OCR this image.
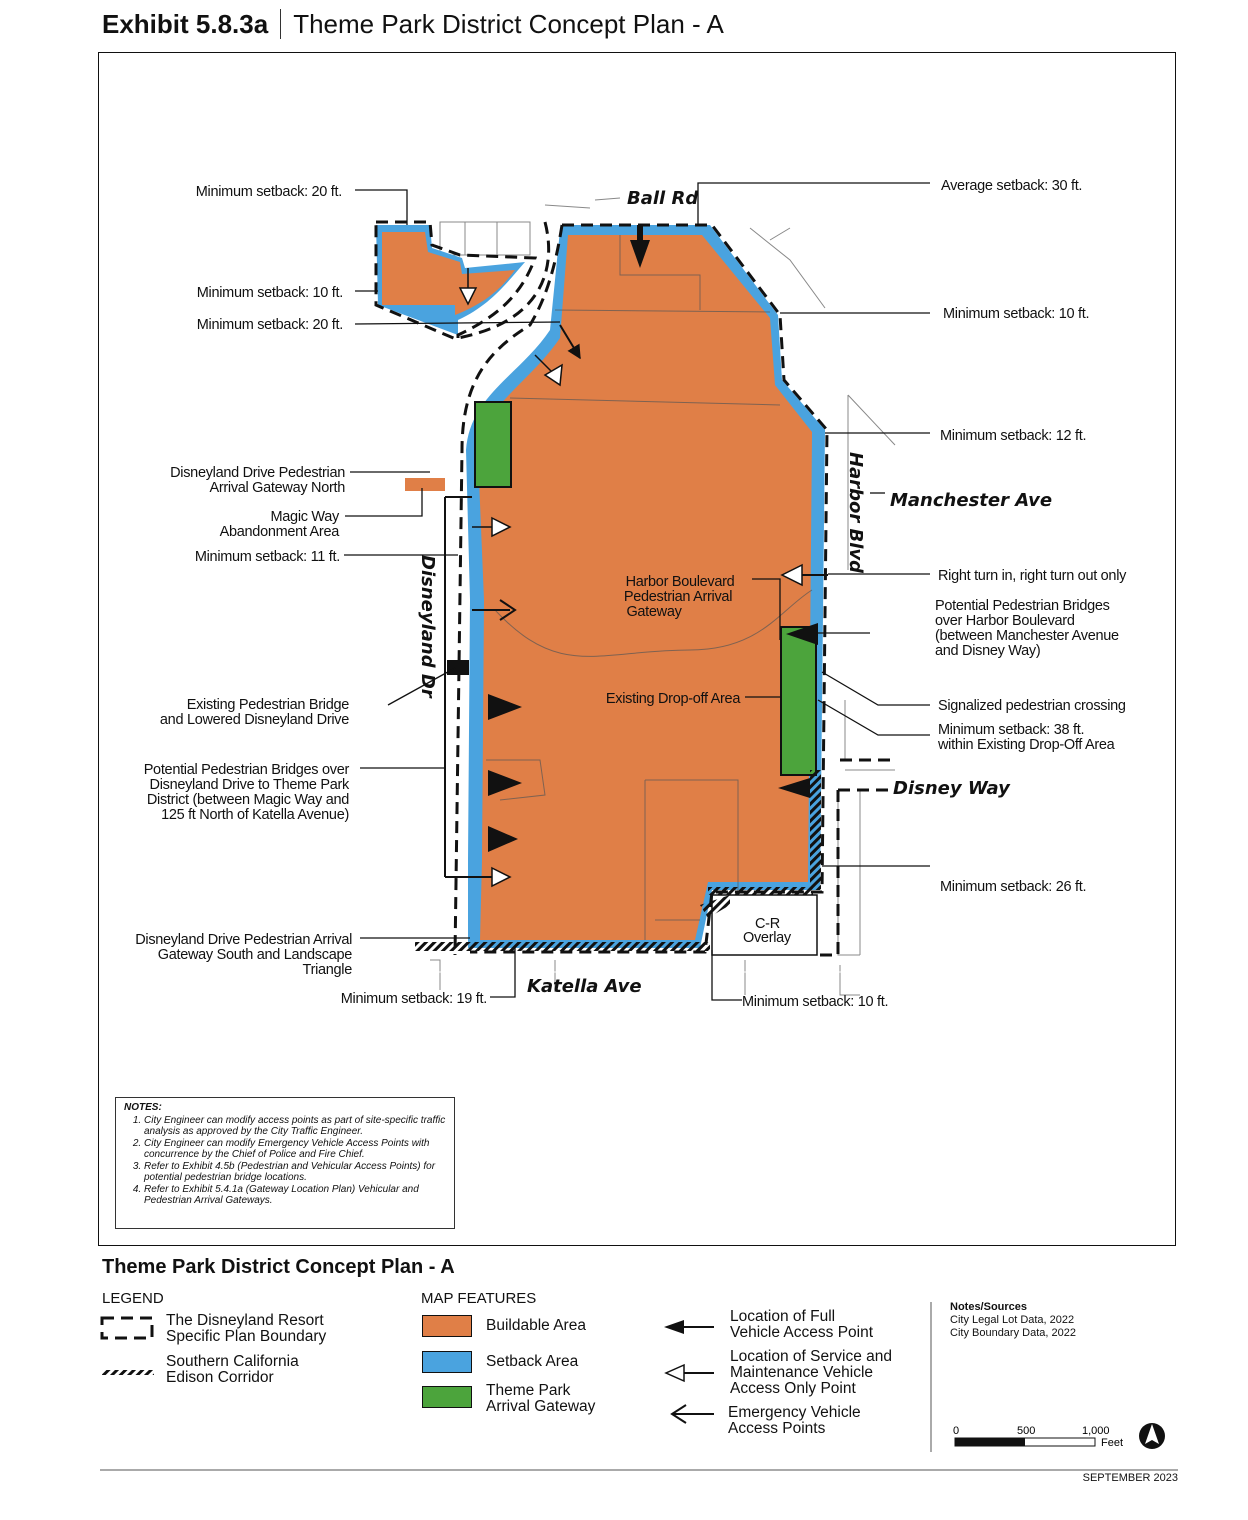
Exhibit 5.8.3a Theme Park District Concept Plan - A
C-R
Overlay
Ball Rd
Manchester Ave
Harbor Blvd
Disneyland Dr
Disney Way
Katella Ave
Minimum setback: 20 ft.
Minimum setback: 10 ft.
Minimum setback: 20 ft.
Disneyland Drive Pedestrian
Arrival Gateway North
Magic Way
Abandonment Area
Minimum setback: 11 ft.
Existing Pedestrian Bridge
and Lowered Disneyland Drive
Potential Pedestrian Bridges over
Disneyland Drive to Theme Park
District (between Magic Way and
125 ft North of Katella Avenue)
Disneyland Drive Pedestrian Arrival
Gateway South and Landscape
Triangle
Minimum setback: 19 ft.
Average setback: 30 ft.
Minimum setback: 10 ft.
Minimum setback: 12 ft.
Right turn in, right turn out only
Potential Pedestrian Bridges
over Harbor Boulevard
(between Manchester Avenue
and Disney Way)
Signalized pedestrian crossing
Minimum setback: 38 ft.
within Existing Drop-Off Area
Minimum setback: 26 ft.
Minimum setback: 10 ft.
Harbor Boulevard
Pedestrian Arrival
Gateway
Existing Drop-off Area
0	500	1,000
Feet
NOTES:
1. City Engineer can modify access points as part of site-specific traffic analysis as approved by the City Traffic Engineer.
2. City Engineer can modify Emergency Vehicle Access Points with concurrence by the Chief of Police and Fire Chief.
3. Refer to Exhibit 4.5b (Pedestrian and Vehicular Access Points) for potential pedestrian bridge locations.
4. Refer to Exhibit 5.4.1a (Gateway Location Plan) Vehicular and Pedestrian Arrival Gateways.
Theme Park District Concept Plan - A
LEGEND
The Disneyland Resort
Specific Plan Boundary
Southern California
Edison Corridor
MAP FEATURES
Buildable Area
Setback Area
Theme Park
Arrival Gateway
Location of Full
Vehicle Access Point
Location of Service and
Maintenance Vehicle
Access Only Point
Emergency Vehicle
Access Points
Notes/Sources
City Legal Lot Data, 2022
City Boundary Data, 2022
SEPTEMBER 2023
